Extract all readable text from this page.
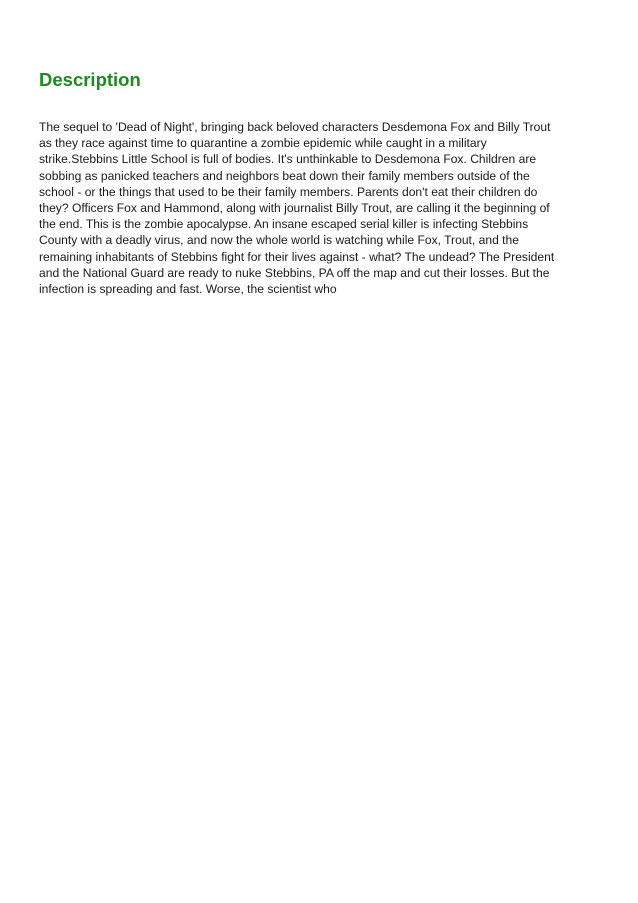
Description
The sequel to 'Dead of Night', bringing back beloved characters Desdemona Fox and Billy Trout
as they race against time to quarantine a zombie epidemic while caught in a military
strike.Stebbins Little School is full of bodies. It's unthinkable to Desdemona Fox. Children are
sobbing as panicked teachers and neighbors beat down their family members outside of the
school - or the things that used to be their family members. Parents don't eat their children do
they? Officers Fox and Hammond, along with journalist Billy Trout, are calling it the beginning of
the end. This is the zombie apocalypse. An insane escaped serial killer is infecting Stebbins
County with a deadly virus, and now the whole world is watching while Fox, Trout, and the
remaining inhabitants of Stebbins fight for their lives against - what? The undead? The President
and the National Guard are ready to nuke Stebbins, PA off the map and cut their losses. But the
infection is spreading and fast. Worse, the scientist who
